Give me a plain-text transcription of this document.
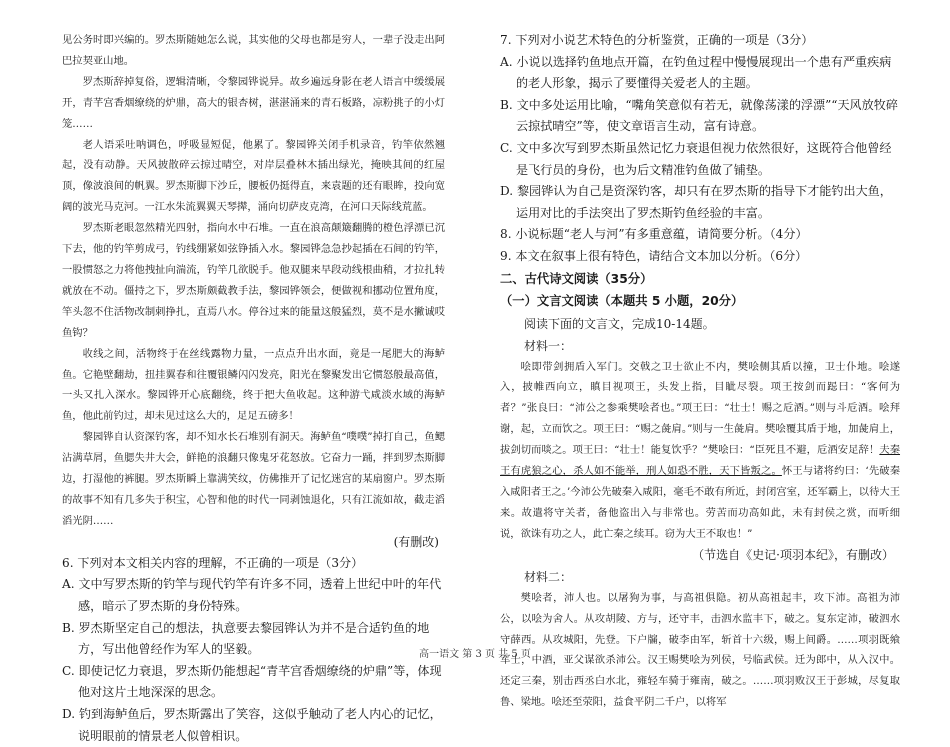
见公务时即兴编的。罗杰斯随她怎么说，其实他的父母也都是穷人，一辈子没走出阿巴拉契亚山地。

罗杰斯辞掉复俗，逻辑清晰，令黎园铧说异。故乡遍远身影在老人语言中缓缓展开，青芊宫香烟缭绕的炉鼎，高大的银杏树，湛湛涌来的青石板路，凉粉挑子的小灯笼……

老人语采吐呐调色，呼吸显短促，他累了。黎园铧关闭手机录音，钓竿依然翘起，没有动静。天风披散碎云掠过晴空，对岸层叠林木插出绿光，掩映其间的红屋顶，像波浪间的帆翼。罗杰斯脚下沙丘，腰板仍挺得直，来袁题的还有眼眸，投向宽阔的波光马克河。一江水朱流翼翼天琴撵，涌向切萨皮克湾，在河口天际线荒蓝。

罗杰斯老眼忽然精光四射，指向水中石堆。一直在浪高颠簸翻腾的橙色浮漂已沉下去，他的钓竿剪成弓，钓线绷紧如弦铮插入水。黎园铧急急抄起插在石间的钓竿，一股惯怒之力将他拽扯向湍流，钓竿几欲脱手。他双腿来早段动线根曲稍，才拉扎转就放在不动。僵持之下，罗杰斯颇截教手法，黎园铧领会，便做视和挪动位置角度，竿头忽不住活物改制刺挣扎，直焉八水。停谷过来的能量这般猛烈，莫不是水撇诚哎鱼钩？

收线之间，活物终于在丝线露物力量，一点点升出水面，竟是一尾肥大的海鲈鱼。它艳壁翻劫，扭挂翼春和往覆银鳞闪闪发亮，阳光在黎聚发出它惯怒般最高值，一头又扎入深水。黎园铧开心底翻绕，终于把大鱼收起。这种游弋咸淡水域的海鲈鱼，他此前钓过，却未见过这么大的，足足五磅多！

黎园铧自认资深钓客，却不知水长石堆别有洞天。海鲈鱼“噗噗”掉打自己，鱼鳃沾满草屑，鱼腮失井大会，鲜艳的浪翻只像鬼牙花怒放。它奋力一踊，拌到罗杰斯脚边，打湿他的裤腿。罗杰斯瞬上靠满笑纹，仿佛推开了记忆迷宫的某扇窗户。罗杰斯的故事不知有几多失于积宝，心智和他的时代一同剥蚀退化，只有江流如故，截走滔滔光阴……

(有删改)

6. 下列对本文相关内容的理解，不正确的一项是（3分）

A. 文中写罗杰斯的钓竿与现代钓竿有许多不同，透着上世纪中叶的年代感，暗示了罗杰斯的身份特殊。

B. 罗杰斯坚定自己的想法，执意要去黎园铧认为并不是合适钓鱼的地方，写出他曾经作为军人的坚毅。

C. 即使记忆力衰退，罗杰斯仍能想起“青芊宫香烟缭绕的炉鼎”等，体现他对这片土地深深的思念。

D. 钓到海鲈鱼后，罗杰斯露出了笑容，这似乎触动了老人内心的记忆，说明眼前的情景老人似曾相识。

7. 下列对小说艺术特色的分析鉴赏，正确的一项是（3分）

A. 小说以选择钓鱼地点开篇，在钓鱼过程中慢慢展现出一个患有严重疾病的老人形象，揭示了要懂得关爱老人的主题。

B. 文中多处运用比喻，“嘴角笑意似有若无，就像荡漾的浮漂”“天风放牧碎云掠拭晴空”等，使文章语言生动，富有诗意。

C. 文中多次写到罗杰斯虽然记忆力衰退但视力依然很好，这既符合他曾经是飞行员的身份，也为后文精准钓鱼做了铺垫。

D. 黎园铧认为自己是资深钓客，却只有在罗杰斯的指导下才能钓出大鱼，运用对比的手法突出了罗杰斯钓鱼经验的丰富。

8. 小说标题“老人与河”有多重意蕴，请简要分析。（4分）

9. 本文在叙事上很有特色，请结合文本加以分析。（6分）

二、古代诗文阅读（35分）

（一）文言文阅读（本题共 5 小题，20分）

阅读下面的文言文，完成10-14题。

材料一：

哙即带剑拥盾入军门。交戟之卫士欲止不内，樊哙侧其盾以撞，卫士仆地。哙遂入，披帷西向立，瞋目视项王，头发上指，目眦尽裂。项王按剑而跽曰：“客何为者？”张良曰：“沛公之参乘樊哙者也。”项王曰：“壮士！赐之卮酒。”则与斗卮酒。哙拜谢，起，立而饮之。项王曰：“赐之彘肩。”则与一生彘肩。樊哙覆其盾于地，加彘肩上，拔剑切而啖之。项王曰：“壮士！能复饮乎？”樊哙曰：“臣死且不避，卮酒安足辞！夫秦王有虎狼之心，杀人如不能举，刑人如恐不胜，天下皆叛之。怀王与诸将约曰：‘先破秦入咸阳者王之。’今沛公先破秦入咸阳，毫毛不敢有所近，封闭宫室，还军霸上，以待大王来。故遣将守关者，备他盗出入与非常也。劳苦而功高如此，未有封侯之赏，而听细说，欲诛有功之人，此亡秦之续耳。窃为大王不取也！”

（节选自《史记·项羽本纪》，有删改）

材料二：

樊哙者，沛人也。以屠狗为事，与高祖俱隐。初从高祖起丰，攻下沛。高祖为沛公，以哙为舍人。从攻胡陵、方与，还守丰，击泗水监丰下，破之。复东定沛，破泗水守薛西。从攻城阳，先登。下户牖，破李由军，斩首十六级，赐上间爵。……项羽既飨军士，中酒，亚父谋欲杀沛公。汉王赐樊哙为列侯，号临武侯。迁为郎中，从入汉中。还定三秦，别击西丞白水北，雍轻车骑于雍南，破之。……项羽败汉王于彭城，尽复取鲁、梁地。哙还至荥阳，益食平阴二千户，以将军

高一语文 第 3 页 共 5 页
